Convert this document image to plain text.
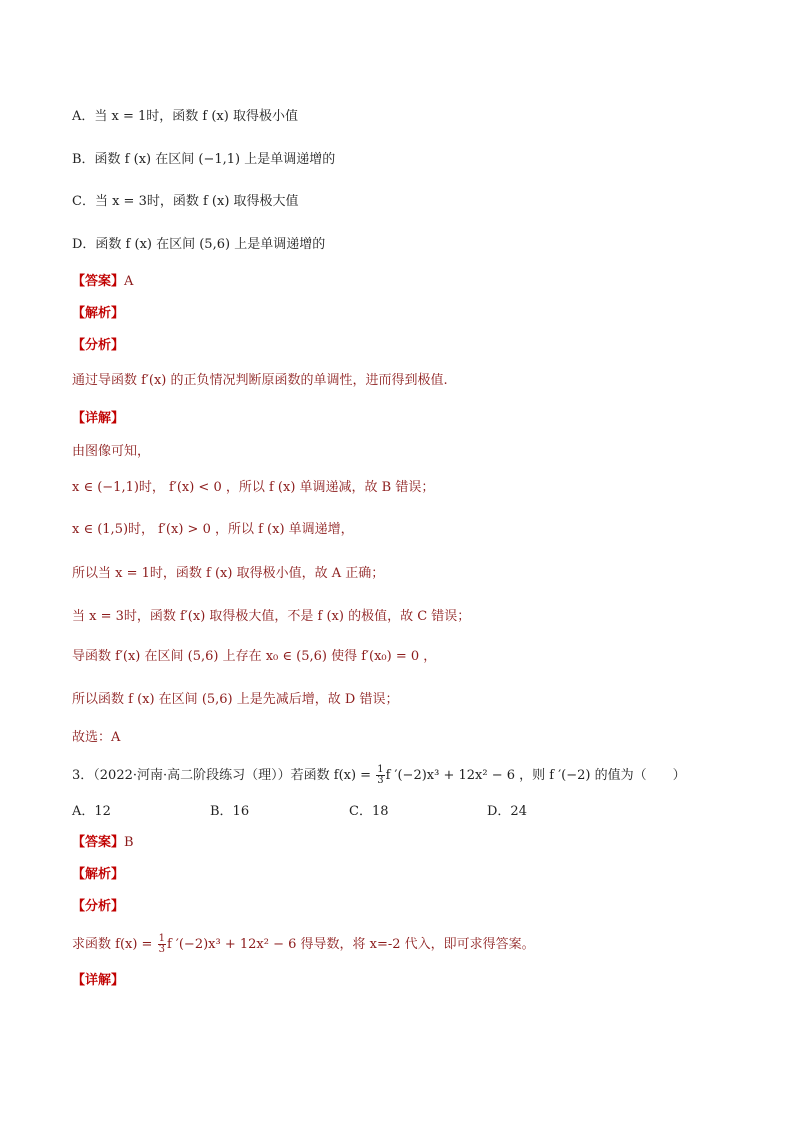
A．当 x = 1时，函数 f (x) 取得极小值
B．函数 f (x) 在区间 (−1,1) 上是单调递增的
C．当 x = 3时，函数 f (x) 取得极大值
D．函数 f (x) 在区间 (5,6) 上是单调递增的
【答案】A
【解析】
【分析】
通过导函数 f′(x) 的正负情况判断原函数的单调性，进而得到极值.
【详解】
由图像可知，
x ∈ (−1,1)时， f′(x) < 0 ，所以 f (x) 单调递减，故 B 错误；
x ∈ (1,5)时， f′(x) > 0 ，所以 f (x) 单调递增，
所以当 x = 1时，函数 f (x) 取得极小值，故 A 正确；
当 x = 3时，函数 f′(x) 取得极大值，不是 f (x) 的极值，故 C 错误；
导函数 f′(x) 在区间 (5,6) 上存在 x₀ ∈ (5,6) 使得 f′(x₀) = 0 ，
所以函数 f (x) 在区间 (5,6) 上是先减后增，故 D 错误；
故选：A
3．（2022·河南·高二阶段练习（理））若函数 $f(x) = \frac{1}{3}$ f ′(−2)x³ + 12x² − 6 ，则 f ′(−2) 的值为（　　）
A．12	B．16	C．18	D．24
【答案】B
【解析】
【分析】
求函数 $f(x) = \frac{1}{3}$ f ′(−2)x³ + 12x² − 6 得导数，将 x=-2 代入，即可求得答案。
【详解】
